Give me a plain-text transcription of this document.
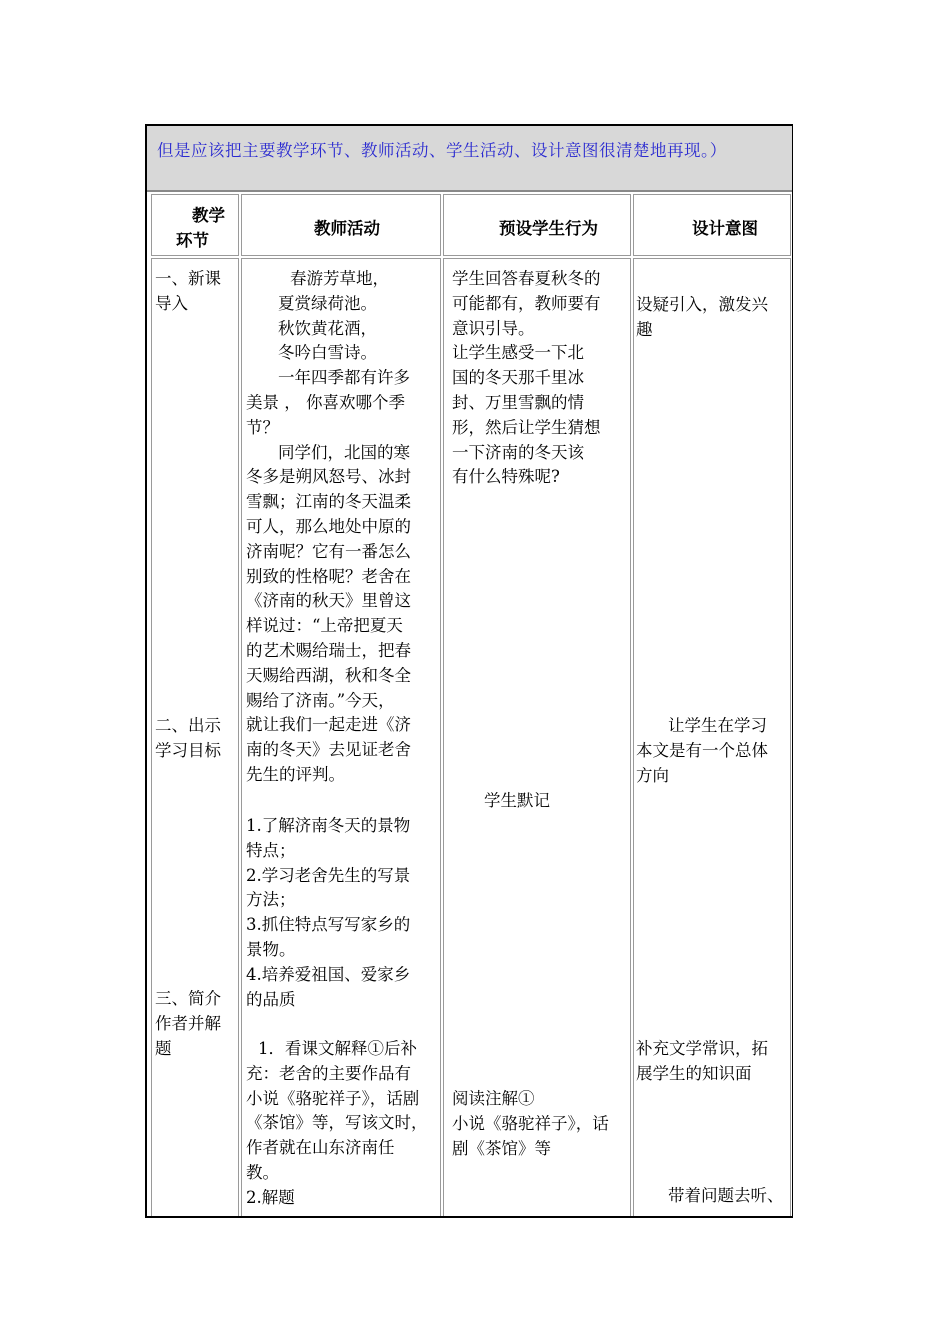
但是应该把主要教学环节、教师活动、学生活动、设计意图很清楚地再现。）
教学
环节
教师活动	预设学生行为	设计意图

一、新课

导入

二、出示

学习目标

三、简介

作者并解

题

春游芳草地，

夏赏绿荷池。

秋饮黄花酒，

冬吟白雪诗。

一年四季都有许多

美景 ， 你喜欢哪个季

节？

同学们，北国的寒

冬多是朔风怒号、冰封

雪飘；江南的冬天温柔

可人，那么地处中原的

济南呢？它有一番怎么

别致的性格呢？老舍在

《济南的秋天》里曾这

样说过：“上帝把夏天

的艺术赐给瑞士，把春

天赐给西湖，秋和冬全

赐给了济南。”今天，

就让我们一起走进《济

南的冬天》去见证老舍

先生的评判。

1.了解济南冬天的景物

特点；

2.学习老舍先生的写景

方法；

3.抓住特点写写家乡的

景物。

4.培养爱祖国、爱家乡

的品质

1．看课文解释①后补

充：老舍的主要作品有

小说《骆驼祥子》，话剧

《茶馆》等，写该文时，

作者就在山东济南任

教。

2.解题

学生回答春夏秋冬的

可能都有，教师要有

意识引导。

让学生感受一下北

国的冬天那千里冰

封、万里雪飘的情

形，然后让学生猜想

一下济南的冬天该

有什么特殊呢?

学生默记

阅读注解①

小说《骆驼祥子》，话

剧《茶馆》等

设疑引入，激发兴

趣

让学生在学习

本文是有一个总体

方向

补充文学常识，拓

展学生的知识面

带着问题去听、
